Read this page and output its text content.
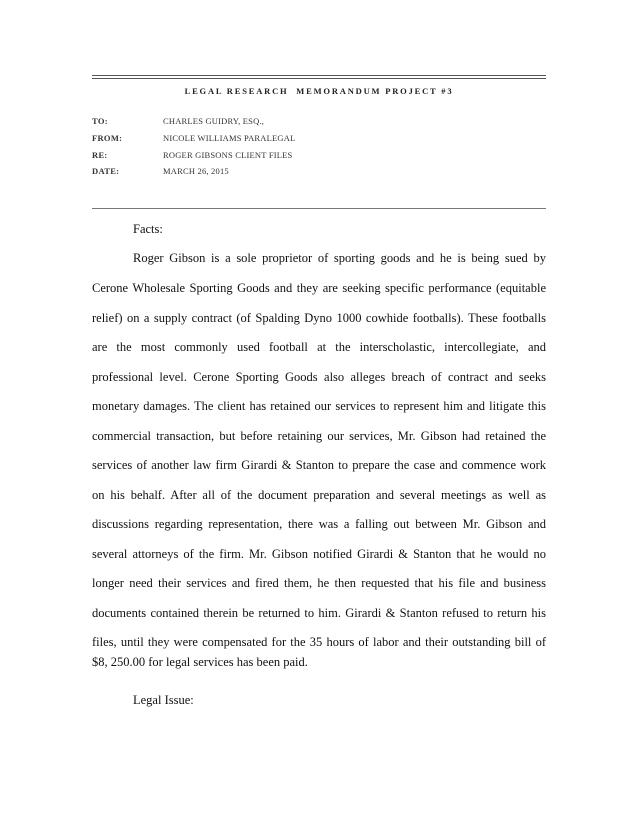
LEGAL RESEARCH  MEMORANDUM PROJECT #3
TO:	CHARLES GUIDRY, ESQ.,
FROM:	NICOLE WILLIAMS PARALEGAL
RE:	ROGER GIBSONS CLIENT FILES
DATE:	MARCH 26, 2015
Facts:
Roger Gibson is a sole proprietor of sporting goods and he is being sued by
Cerone Wholesale Sporting Goods and they are seeking specific performance (equitable
relief) on a supply contract (of Spalding Dyno 1000 cowhide footballs). These footballs
are the most commonly used football at the interscholastic, intercollegiate, and
professional level. Cerone Sporting Goods also alleges breach of contract and seeks
monetary damages. The client has retained our services to represent him and litigate this
commercial transaction, but before retaining our services, Mr. Gibson had retained the
services of another law firm Girardi & Stanton to prepare the case and commence work
on his behalf. After all of the document preparation and several meetings as well as
discussions regarding representation, there was a falling out between Mr. Gibson and
several attorneys of the firm. Mr. Gibson notified Girardi & Stanton that he would no
longer need their services and fired them, he then requested that his file and business
documents contained therein be returned to him. Girardi & Stanton refused to return his
files, until they were compensated for the 35 hours of labor and their outstanding bill of
$8, 250.00 for legal services has been paid.
Legal Issue:
